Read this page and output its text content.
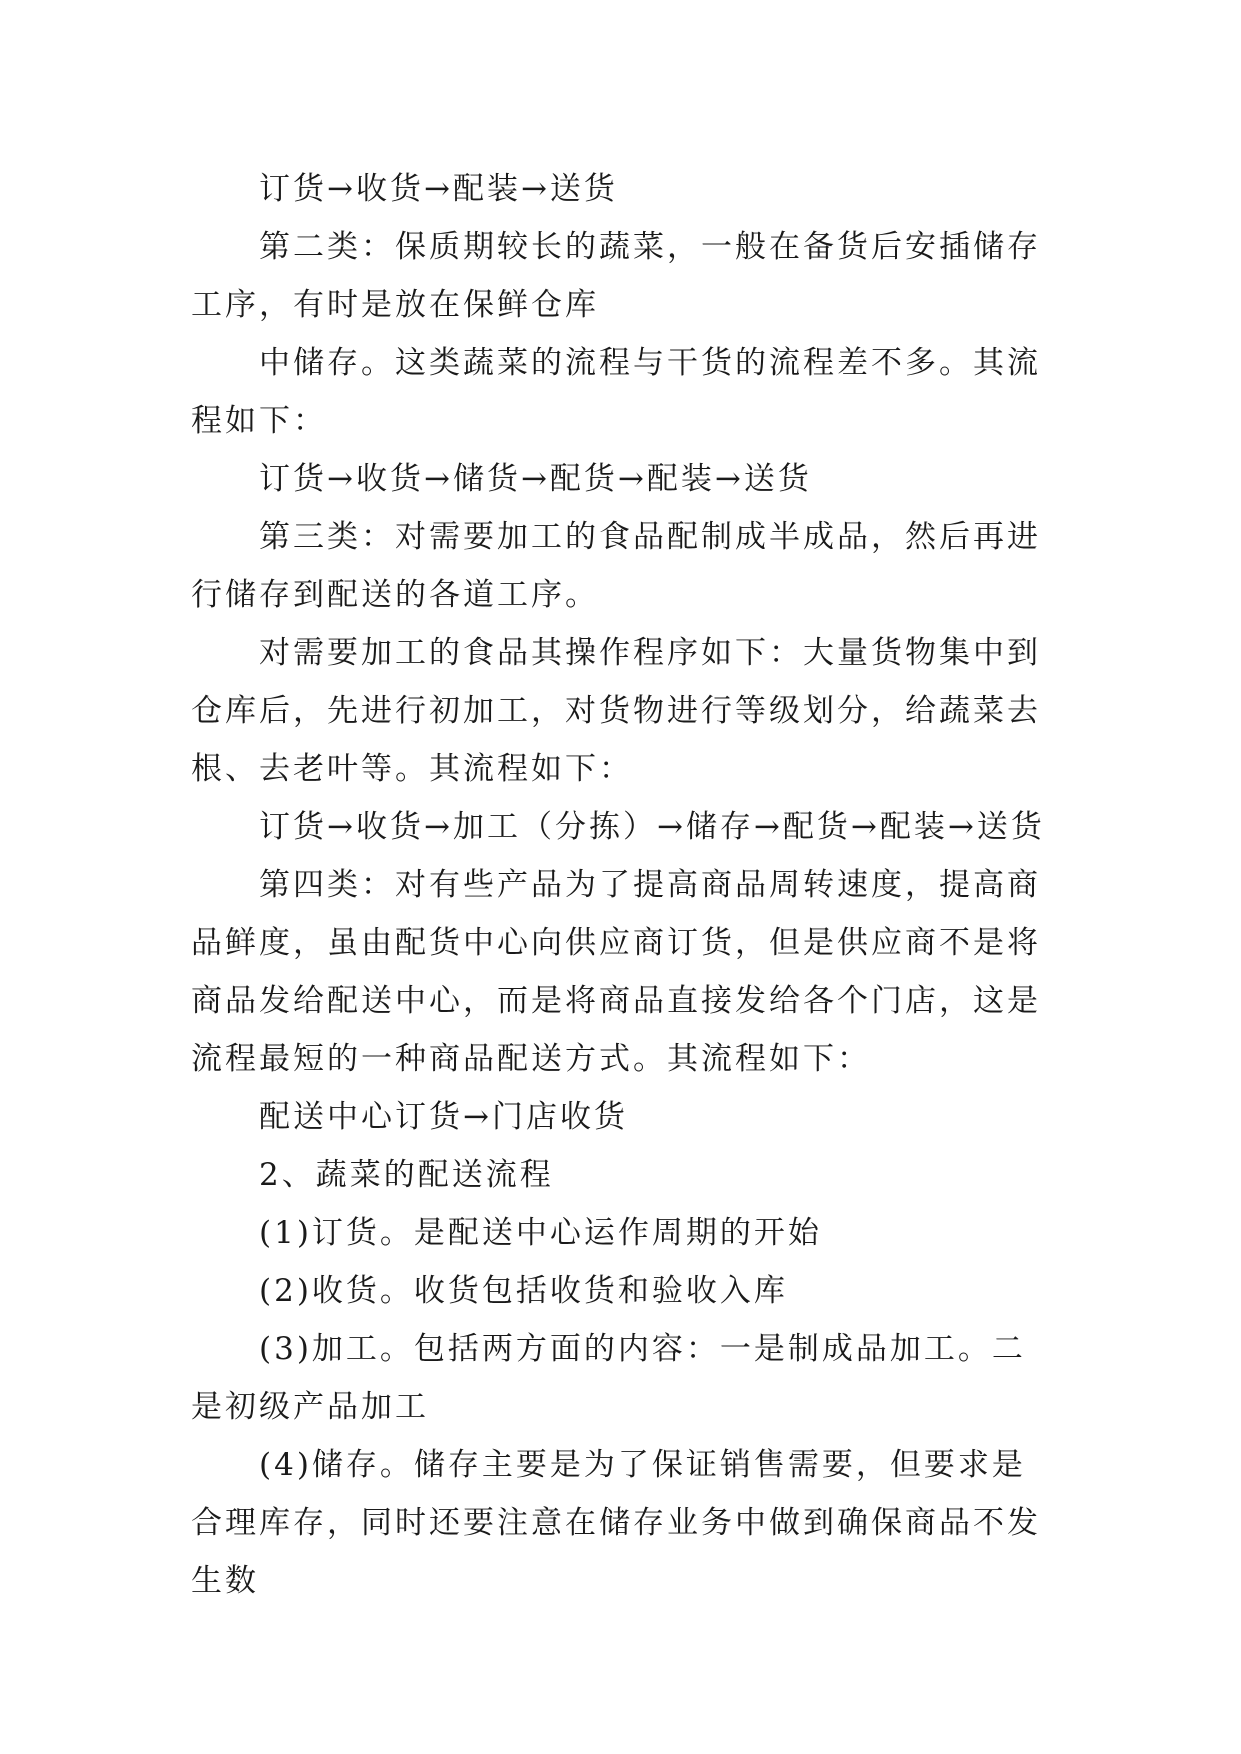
订货→收货→配装→送货

第二类：保质期较长的蔬菜，一般在备货后安插储存工序，有时是放在保鲜仓库

中储存。这类蔬菜的流程与干货的流程差不多。其流程如下：

订货→收货→储货→配货→配装→送货

第三类：对需要加工的食品配制成半成品，然后再进行储存到配送的各道工序。

对需要加工的食品其操作程序如下：大量货物集中到仓库后，先进行初加工，对货物进行等级划分，给蔬菜去根、去老叶等。其流程如下：

订货→收货→加工（分拣）→储存→配货→配装→送货

第四类：对有些产品为了提高商品周转速度，提高商品鲜度，虽由配货中心向供应商订货，但是供应商不是将商品发给配送中心，而是将商品直接发给各个门店，这是流程最短的一种商品配送方式。其流程如下：

配送中心订货→门店收货

2、蔬菜的配送流程

(1)订货。是配送中心运作周期的开始

(2)收货。收货包括收货和验收入库

(3)加工。包括两方面的内容：一是制成品加工。二是初级产品加工

(4)储存。储存主要是为了保证销售需要，但要求是合理库存，同时还要注意在储存业务中做到确保商品不发生数
